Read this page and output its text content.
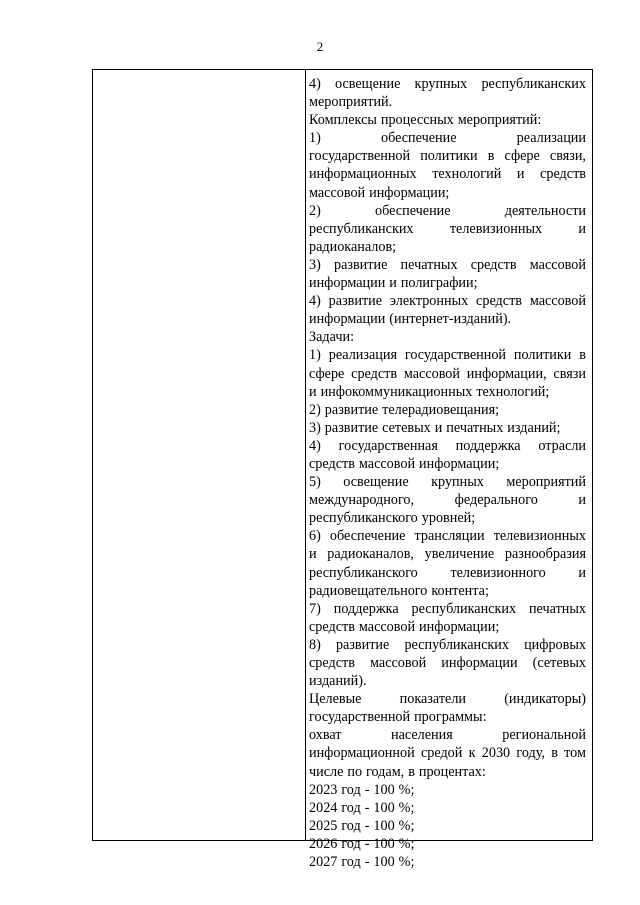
2
4) освещение крупных республиканских
мероприятий.
Комплексы процессных мероприятий:
1)	обеспечение	реализации
государственной политики в сфере связи,
информационных технологий и средств
массовой информации;
2)	обеспечение	деятельности
республиканских	телевизионных	и
радиоканалов;
3) развитие печатных средств массовой
информации и полиграфии;
4) развитие электронных средств массовой
информации (интернет-изданий).
Задачи:
1) реализация государственной политики в
сфере средств массовой информации, связи
и инфокоммуникационных технологий;
2) развитие телерадиовещания;
3) развитие сетевых и печатных изданий;
4) государственная поддержка отрасли
средств массовой информации;
5) освещение крупных мероприятий
международного,	федерального	и
республиканского уровней;
6) обеспечение трансляции телевизионных
и радиоканалов, увеличение разнообразия
республиканского телевизионного и
радиовещательного контента;
7) поддержка республиканских печатных
средств массовой информации;
8) развитие республиканских цифровых
средств массовой информации (сетевых
изданий).
Целевые	показатели	(индикаторы)
государственной программы:
охват	населения	региональной
информационной средой к 2030 году, в том
числе по годам, в процентах:
2023 год - 100 %;
2024 год - 100 %;
2025 год - 100 %;
2026 год - 100 %;
2027 год - 100 %;
